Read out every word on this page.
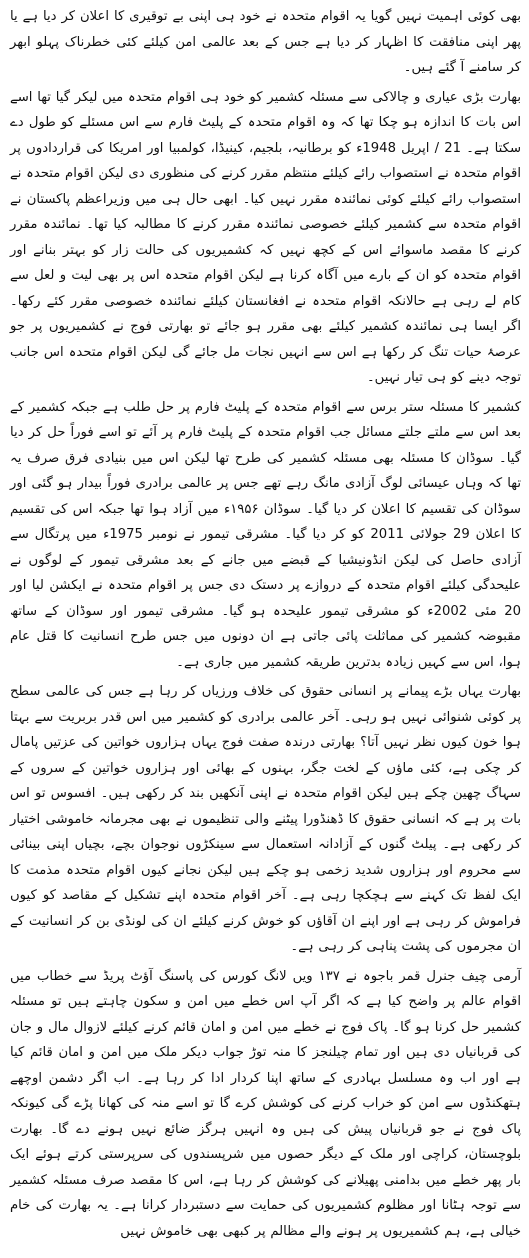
بھی کوئی اہمیت نہیں گویا یہ اقوام متحدہ نے خود ہی اپنی بے توقیری کا اعلان کر دیا ہے یا پھر اپنی منافقت کا اظہار کر دیا ہے جس کے بعد عالمی امن کیلئے کئی خطرناک پہلو ابھر کر سامنے آ گئے ہیں۔

بھارت بڑی عیاری و چالاکی سے مسئلہ کشمیر کو خود ہی اقوام متحدہ میں لیکر گیا تھا اسے اس بات کا اندازہ ہو چکا تھا کہ وہ اقوام متحدہ کے پلیٹ فارم سے اس مسئلے کو طول دے سکتا ہے۔ 21 / اپریل 1948ء کو برطانیہ، بلجیم، کینیڈا، کولمبیا اور امریکا کی قراردادوں پر اقوام متحدہ نے استصواب رائے کیلئے منتظم مقرر کرنے کی منظوری دی لیکن اقوام متحدہ نے استصواب رائے کیلئے کوئی نمائندہ مقرر نہیں کیا۔ ابھی حال ہی میں وزیراعظم پاکستان نے اقوام متحدہ سے کشمیر کیلئے خصوصی نمائندہ مقرر کرنے کا مطالبہ کیا تھا۔ نمائندہ مقرر کرنے کا مقصد ماسوائے اس کے کچھ نہیں کہ کشمیریوں کی حالت زار کو بہتر بنانے اور اقوام متحدہ کو ان کے بارے میں آگاہ کرنا ہے لیکن اقوام متحدہ اس پر بھی لیت و لعل سے کام لے رہی ہے حالانکہ اقوام متحدہ نے افغانستان کیلئے نمائندہ خصوصی مقرر کئے رکھا۔ اگر ایسا ہی نمائندہ کشمیر کیلئے بھی مقرر ہو جائے تو بھارتی فوج نے کشمیریوں پر جو عرصۂ حیات تنگ کر رکھا ہے اس سے انہیں نجات مل جائے گی لیکن اقوام متحدہ اس جانب توجہ دینے کو ہی تیار نہیں۔

کشمیر کا مسئلہ ستر برس سے اقوام متحدہ کے پلیٹ فارم پر حل طلب ہے جبکہ کشمیر کے بعد اس سے ملتے جلتے مسائل جب اقوام متحدہ کے پلیٹ فارم پر آئے تو اسے فوراً حل کر دیا گیا۔ سوڈان کا مسئلہ بھی مسئلہ کشمیر کی طرح تھا لیکن اس میں بنیادی فرق صرف یہ تھا کہ وہاں عیسائی لوگ آزادی مانگ رہے تھے جس پر عالمی برادری فوراً بیدار ہو گئی اور سوڈان کی تقسیم کا اعلان کر دیا گیا۔ سوڈان ۱۹۵۶ء میں آزاد ہوا تھا جبکہ اس کی تقسیم کا اعلان 29 جولائی 2011 کو کر دیا گیا۔ مشرقی تیمور نے نومبر 1975ء میں پرتگال سے آزادی حاصل کی لیکن انڈونیشیا کے قبضے میں جانے کے بعد مشرقی تیمور کے لوگوں نے علیحدگی کیلئے اقوام متحدہ کے دروازے پر دستک دی جس پر اقوام متحدہ نے ایکشن لیا اور 20 مئی 2002ء کو مشرقی تیمور علیحدہ ہو گیا۔ مشرقی تیمور اور سوڈان کے ساتھ مقبوضہ کشمیر کی مماثلت پائی جاتی ہے ان دونوں میں جس طرح انسانیت کا قتل عام ہوا، اس سے کہیں زیادہ بدترین طریقہ کشمیر میں جاری ہے۔

بھارت یہاں بڑے پیمانے پر انسانی حقوق کی خلاف ورزیاں کر رہا ہے جس کی عالمی سطح پر کوئی شنوائی نہیں ہو رہی۔ آخر عالمی برادری کو کشمیر میں اس قدر بربریت سے بہتا ہوا خون کیوں نظر نہیں آتا؟ بھارتی درندہ صفت فوج یہاں ہزاروں خواتین کی عزتیں پامال کر چکی ہے، کئی ماؤں کے لخت جگر، بہنوں کے بھائی اور ہزاروں خواتین کے سروں کے سہاگ چھین چکے ہیں لیکن اقوام متحدہ نے اپنی آنکھیں بند کر رکھی ہیں۔ افسوس تو اس بات پر ہے کہ انسانی حقوق کا ڈھنڈورا پیٹنے والی تنظیموں نے بھی مجرمانہ خاموشی اختیار کر رکھی ہے۔ پیلٹ گنوں کے آزادانہ استعمال سے سینکڑوں نوجوان بچے، بچیاں اپنی بینائی سے محروم اور ہزاروں شدید زخمی ہو چکے ہیں لیکن نجانے کیوں اقوام متحدہ مذمت کا ایک لفظ تک کہنے سے ہچکچا رہی ہے۔ آخر اقوام متحدہ اپنے تشکیل کے مقاصد کو کیوں فراموش کر رہی ہے اور اپنے ان آقاؤں کو خوش کرنے کیلئے ان کی لونڈی بن کر انسانیت کے ان مجرموں کی پشت پناہی کر رہی ہے۔

آرمی چیف جنرل قمر باجوہ نے ۱۳۷ ویں لانگ کورس کی پاسنگ آؤٹ پریڈ سے خطاب میں اقوام عالم پر واضح کیا ہے کہ اگر آپ اس خطے میں امن و سکون چاہتے ہیں تو مسئلہ کشمیر حل کرنا ہو گا۔ پاک فوج نے خطے میں امن و امان قائم کرنے کیلئے لازوال مال و جان کی قربانیاں دی ہیں اور تمام چیلنجز کا منہ توڑ جواب دیکر ملک میں امن و امان قائم کیا ہے اور اب وہ مسلسل بہادری کے ساتھ اپنا کردار ادا کر رہا ہے۔ اب اگر دشمن اوچھے ہتھکنڈوں سے امن کو خراب کرنے کی کوشش کرے گا تو اسے منہ کی کھانا پڑے گی کیونکہ پاک فوج نے جو قربانیاں پیش کی ہیں وہ انہیں ہرگز ضائع نہیں ہونے دے گا۔ بھارت بلوچستان، کراچی اور ملک کے دیگر حصوں میں شرپسندوں کی سرپرستی کرتے ہوئے ایک بار پھر خطے میں بدامنی پھیلانے کی کوشش کر رہا ہے، اس کا مقصد صرف مسئلہ کشمیر سے توجہ ہٹانا اور مظلوم کشمیریوں کی حمایت سے دستبردار کرانا ہے۔ یہ بھارت کی خام خیالی ہے، ہم کشمیریوں پر ہونے والے مظالم پر کبھی بھی خاموش نہیں
